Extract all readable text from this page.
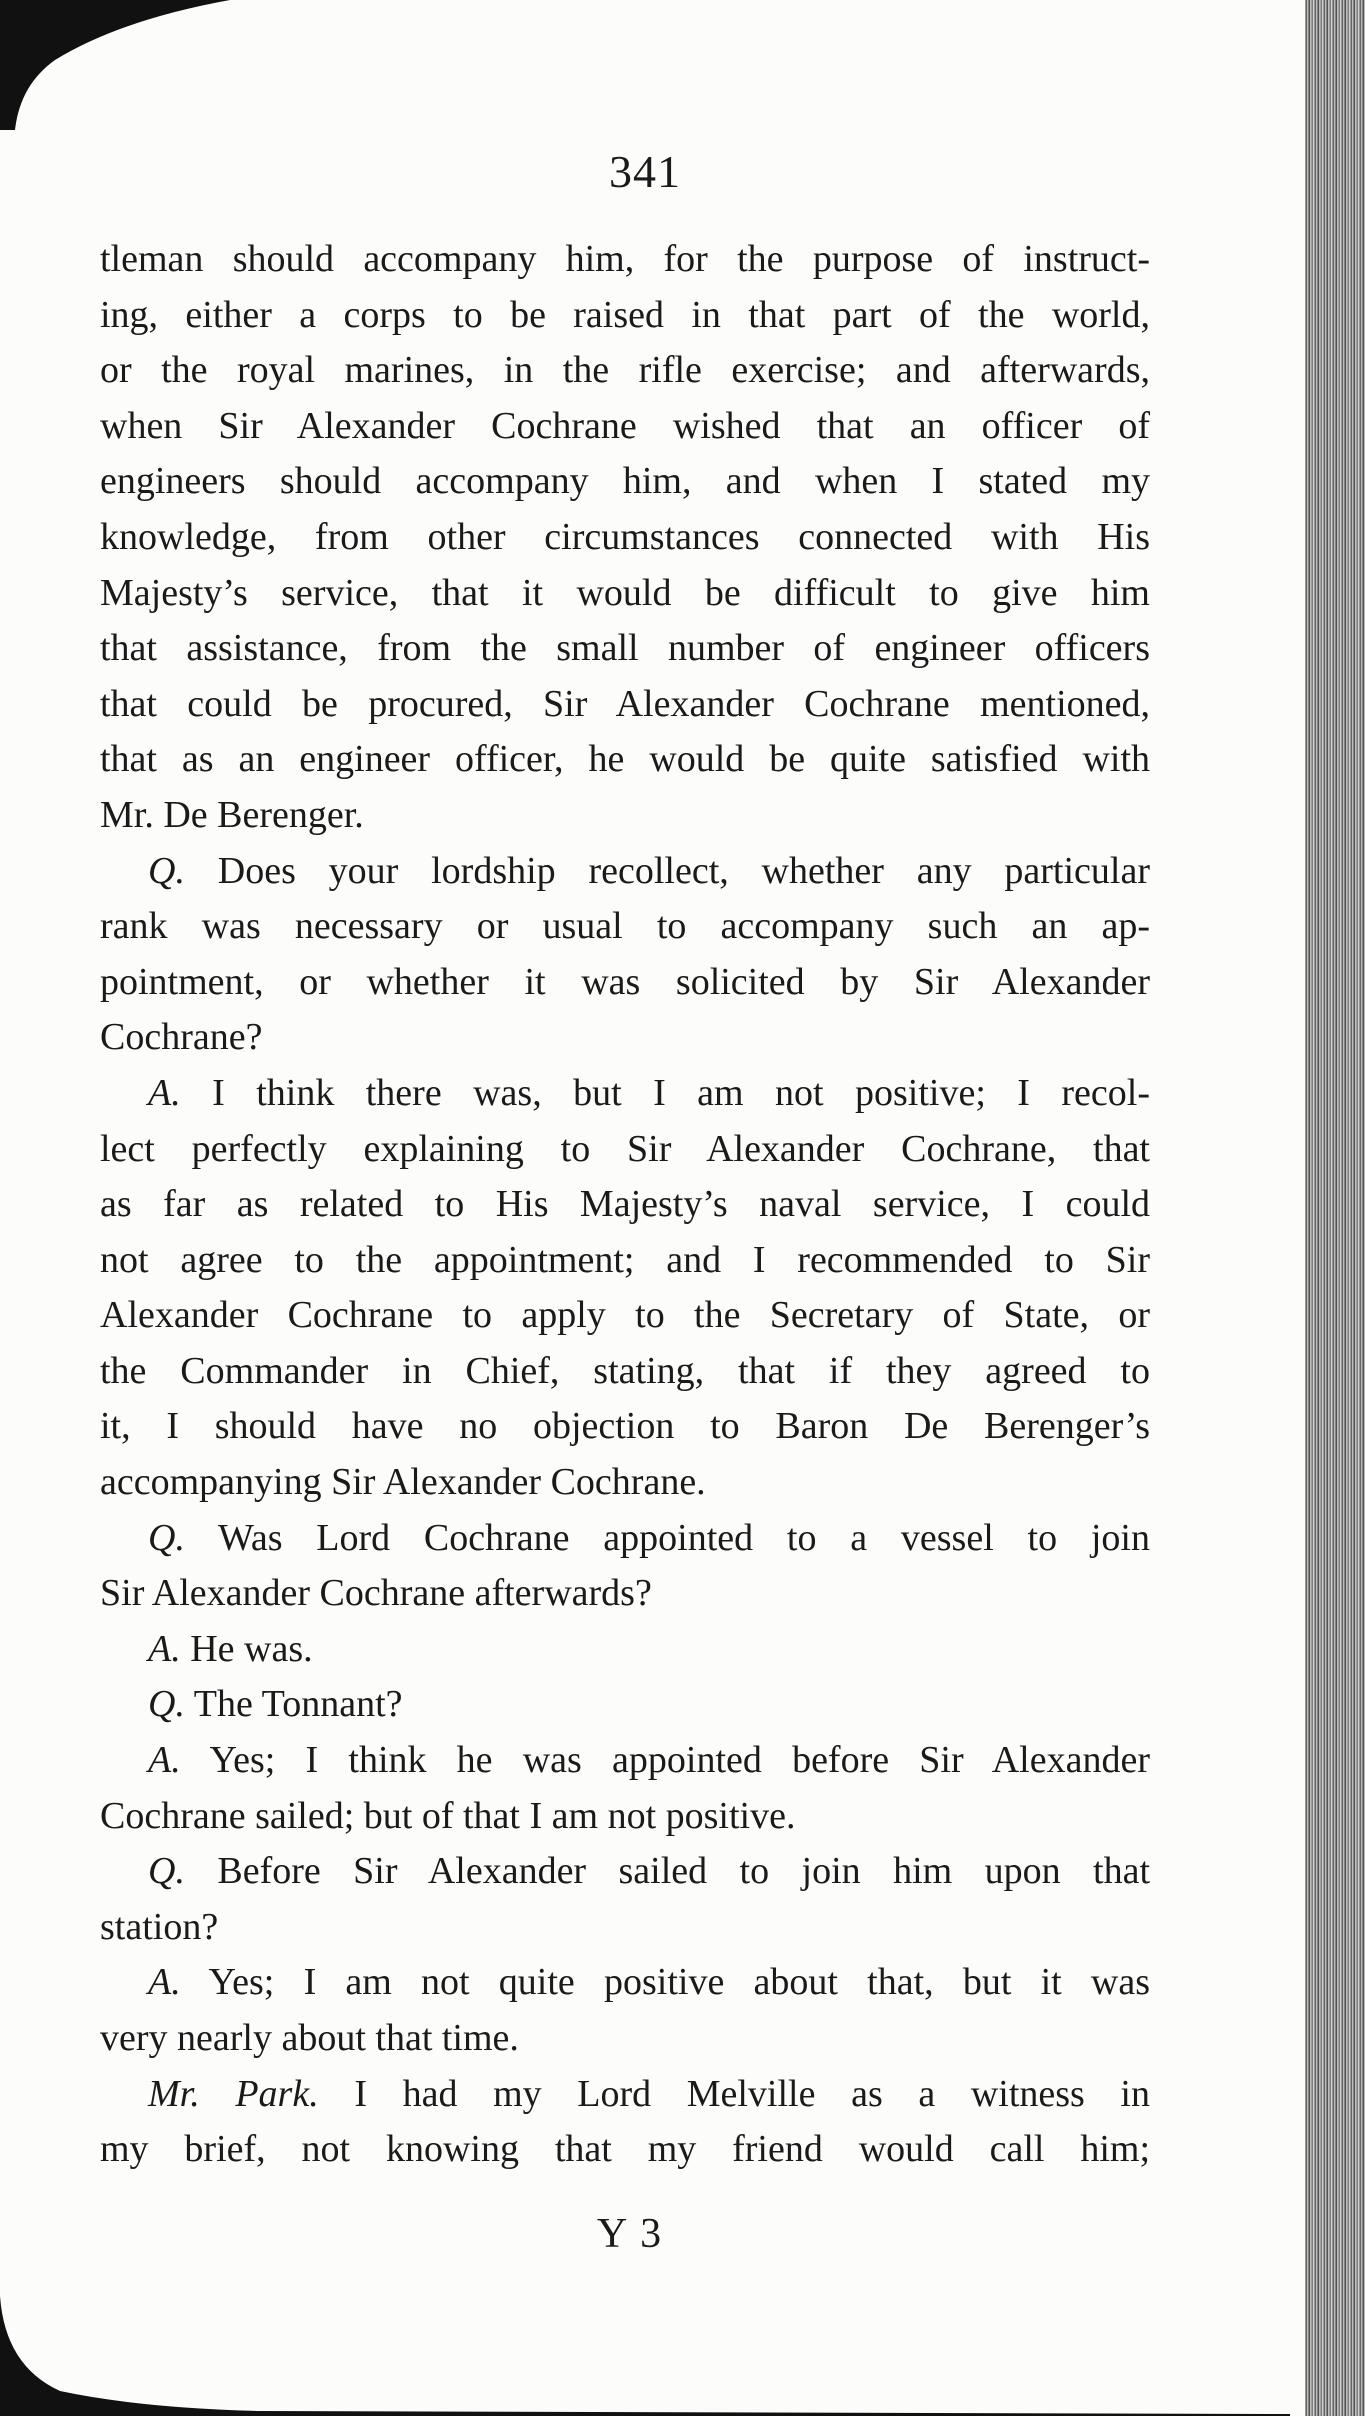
341
tleman should accompany him, for the purpose of instruct-
ing, either a corps to be raised in that part of the world,
or the royal marines, in the rifle exercise; and afterwards,
when Sir Alexander Cochrane wished that an officer of
engineers should accompany him, and when I stated my
knowledge, from other circumstances connected with His
Majesty’s service, that it would be difficult to give him
that assistance, from the small number of engineer officers
that could be procured, Sir Alexander Cochrane mentioned,
that as an engineer officer, he would be quite satisfied with
Mr. De Berenger.
Q. Does your lordship recollect, whether any particular
rank was necessary or usual to accompany such an ap-
pointment, or whether it was solicited by Sir Alexander
Cochrane?
A. I think there was, but I am not positive; I recol-
lect perfectly explaining to Sir Alexander Cochrane, that
as far as related to His Majesty’s naval service, I could
not agree to the appointment; and I recommended to Sir
Alexander Cochrane to apply to the Secretary of State, or
the Commander in Chief, stating, that if they agreed to
it, I should have no objection to Baron De Berenger’s
accompanying Sir Alexander Cochrane.
Q. Was Lord Cochrane appointed to a vessel to join
Sir Alexander Cochrane afterwards?
A. He was.
Q. The Tonnant?
A. Yes; I think he was appointed before Sir Alexander
Cochrane sailed; but of that I am not positive.
Q. Before Sir Alexander sailed to join him upon that
station?
A. Yes; I am not quite positive about that, but it was
very nearly about that time.
Mr. Park. I had my Lord Melville as a witness in
my brief, not knowing that my friend would call him;
Y 3
